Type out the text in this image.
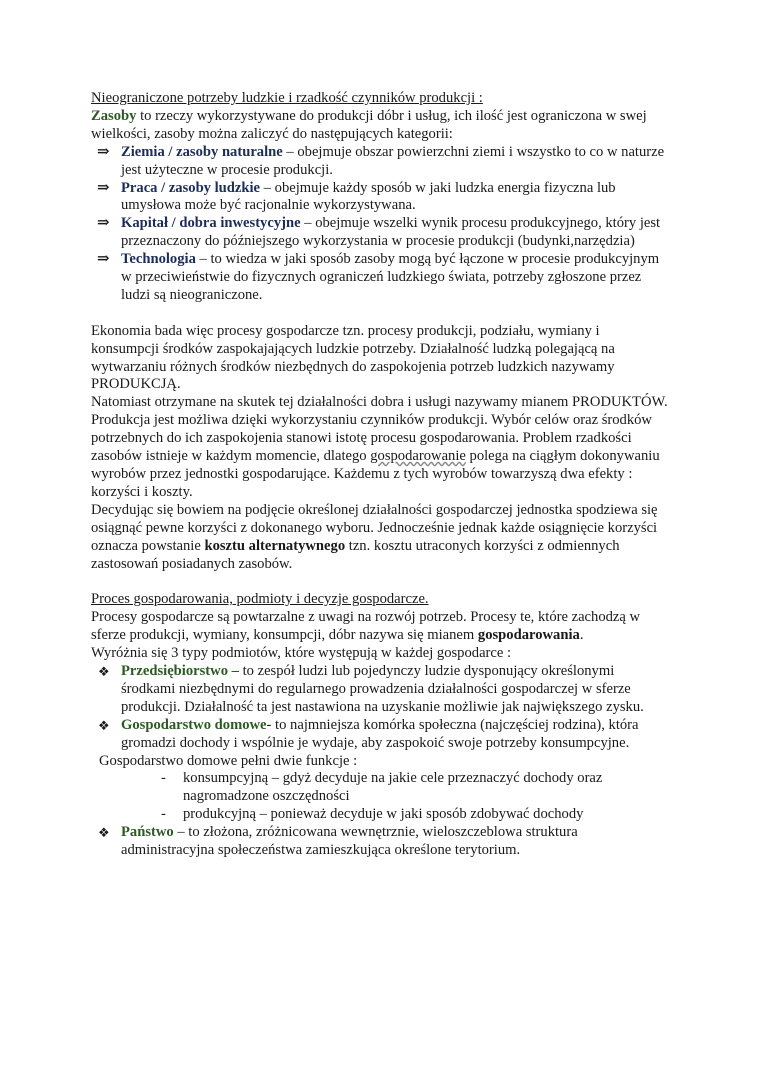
Nieograniczone potrzeby ludzkie i rzadkość czynników produkcji :

Zasoby to rzeczy wykorzystywane do produkcji dóbr i usług, ich ilość jest ograniczona w swej wielkości, zasoby można zaliczyć do następujących kategorii:

⇒ Ziemia / zasoby naturalne – obejmuje obszar powierzchni ziemi i wszystko to co w naturze jest użyteczne w procesie produkcji.
⇒ Praca / zasoby ludzkie – obejmuje każdy sposób w jaki ludzka energia fizyczna lub umysłowa może być racjonalnie wykorzystywana.
⇒ Kapitał / dobra inwestycyjne – obejmuje wszelki wynik procesu produkcyjnego, który jest przeznaczony do późniejszego wykorzystania w procesie produkcji (budynki,narzędzia)
⇒ Technologia – to wiedza w jaki sposób zasoby mogą być łączone w procesie produkcyjnym w przeciwieństwie do fizycznych ograniczeń ludzkiego świata, potrzeby zgłoszone przez ludzi są nieograniczone.

Ekonomia bada więc procesy gospodarcze tzn. procesy produkcji, podziału, wymiany i konsumpcji środków zaspokajających ludzkie potrzeby. Działalność ludzką polegającą na wytwarzaniu różnych środków niezbędnych do zaspokojenia potrzeb ludzkich nazywamy PRODUKCJĄ.

Natomiast otrzymane na skutek tej działalności dobra i usługi nazywamy mianem PRODUKTÓW.

Produkcja jest możliwa dzięki wykorzystaniu czynników produkcji. Wybór celów oraz środków potrzebnych do ich zaspokojenia stanowi istotę procesu gospodarowania. Problem rzadkości zasobów istnieje w każdym momencie, dlatego gospodarowanie polega na ciągłym dokonywaniu wyrobów przez jednostki gospodarujące. Każdemu z tych wyrobów towarzyszą dwa efekty : korzyści i koszty.

Decydując się bowiem na podjęcie określonej działalności gospodarczej jednostka spodziewa się osiągnąć pewne korzyści z dokonanego wyboru. Jednocześnie jednak każde osiągnięcie korzyści oznacza powstanie kosztu alternatywnego tzn. kosztu utraconych korzyści z odmiennych zastosowań posiadanych zasobów.

Proces gospodarowania, podmioty i decyzje gospodarcze.

Procesy gospodarcze są powtarzalne z uwagi na rozwój potrzeb. Procesy te, które zachodzą w sferze produkcji, wymiany, konsumpcji, dóbr nazywa się mianem gospodarowania.

Wyróżnia się 3 typy podmiotów, które występują w każdej gospodarce :

❖ Przedsiębiorstwo – to zespół ludzi lub pojedynczy ludzie dysponujący określonymi środkami niezbędnymi do regularnego prowadzenia działalności gospodarczej w sferze produkcji. Działalność ta jest nastawiona na uzyskanie możliwie jak największego zysku.
❖ Gospodarstwo domowe- to najmniejsza komórka społeczna (najczęściej rodzina), która gromadzi dochody i wspólnie je wydaje, aby zaspokoić swoje potrzeby konsumpcyjne.

Gospodarstwo domowe pełni dwie funkcje :

- konsumpcyjną – gdyż decyduje na jakie cele przeznaczyć dochody oraz nagromadzone oszczędności
- produkcyjną – ponieważ decyduje w jaki sposób zdobywać dochody
❖ Państwo – to złożona, zróżnicowana wewnętrznie, wieloszczeblowa struktura administracyjna społeczeństwa zamieszkująca określone terytorium.
